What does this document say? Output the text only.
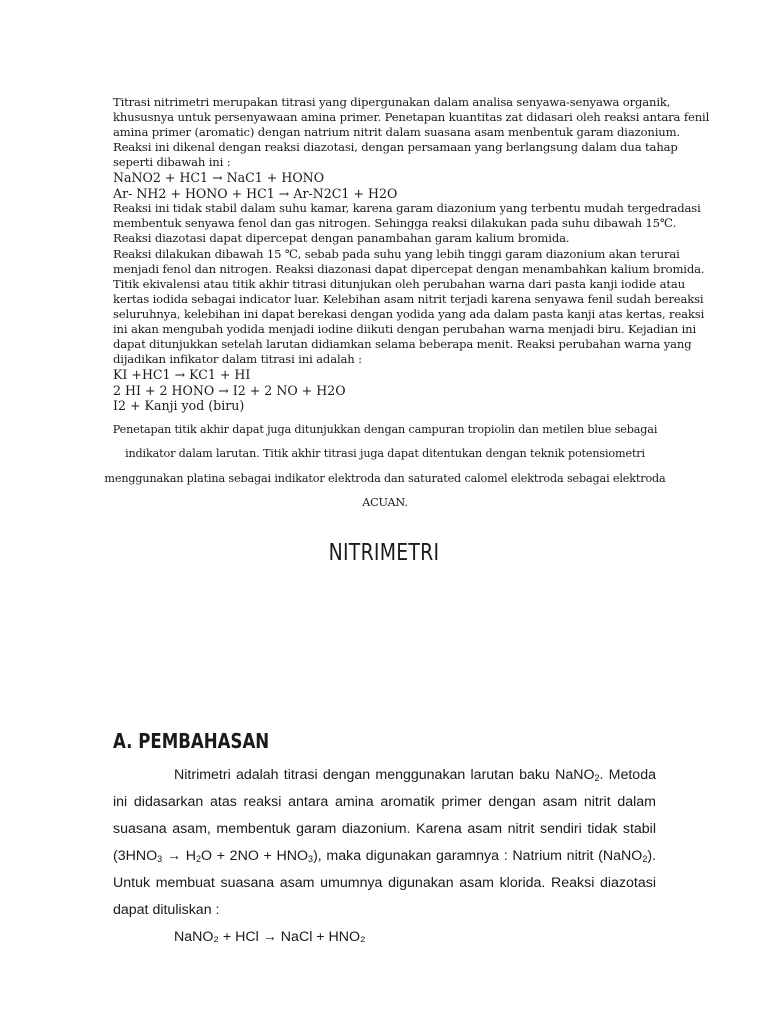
Titrasi nitrimetri merupakan titrasi yang dipergunakan dalam analisa senyawa-senyawa organik,

khususnya untuk persenyawaan amina primer. Penetapan kuantitas zat didasari oleh reaksi antara fenil

amina primer (aromatic) dengan natrium nitrit dalam suasana asam menbentuk garam diazonium.

Reaksi ini dikenal dengan reaksi diazotasi, dengan persamaan yang berlangsung dalam dua tahap

seperti dibawah ini :

NaNO2 + HC1 → NaC1 + HONO

Ar- NH2 + HONO + HC1 → Ar-N2C1 + H2O

Reaksi ini tidak stabil dalam suhu kamar, karena garam diazonium yang terbentu mudah tergedradasi

membentuk senyawa fenol dan gas nitrogen. Sehingga reaksi dilakukan pada suhu dibawah 15℃.

Reaksi diazotasi dapat dipercepat dengan panambahan garam kalium bromida.

Reaksi dilakukan dibawah 15 ℃, sebab pada suhu yang lebih tinggi garam diazonium akan terurai

menjadi fenol dan nitrogen. Reaksi diazonasi dapat dipercepat dengan menambahkan kalium bromida.

Titik ekivalensi atau titik akhir titrasi ditunjukan oleh perubahan warna dari pasta kanji iodide atau

kertas iodida sebagai indicator luar. Kelebihan asam nitrit terjadi karena senyawa fenil sudah bereaksi

seluruhnya, kelebihan ini dapat berekasi dengan yodida yang ada dalam pasta kanji atas kertas, reaksi

ini akan mengubah yodida menjadi iodine diikuti dengan perubahan warna menjadi biru. Kejadian ini

dapat ditunjukkan setelah larutan didiamkan selama beberapa menit. Reaksi perubahan warna yang

dijadikan infikator dalam titrasi ini adalah :

KI +HC1 → KC1 + HI

2 HI + 2 HONO → I2 + 2 NO + H2O

I2 + Kanji yod (biru)

Penetapan titik akhir dapat juga ditunjukkan dengan campuran tropiolin dan metilen blue sebagai

indikator dalam larutan. Titik akhir titrasi juga dapat ditentukan dengan teknik potensiometri

menggunakan platina sebagai indikator elektroda dan saturated calomel elektroda sebagai elektroda

ACUAN.

NITRIMETRI
A. PEMBAHASAN

Nitrimetri adalah titrasi dengan menggunakan larutan baku NaNO$_2$. Metoda ini didasarkan atas reaksi antara amina aromatik primer dengan asam nitrit dalam suasana asam, membentuk garam diazonium. Karena asam nitrit sendiri tidak stabil $(3HNO_3 \to H_2O + 2NO + HNO_3)$, maka digunakan garamnya : Natrium nitrit (NaNO$_2$). Untuk membuat suasana asam umumnya digunakan asam klorida. Reaksi diazotasi dapat dituliskan :

NaNO₂ + HCl → NaCl + HNO₂
